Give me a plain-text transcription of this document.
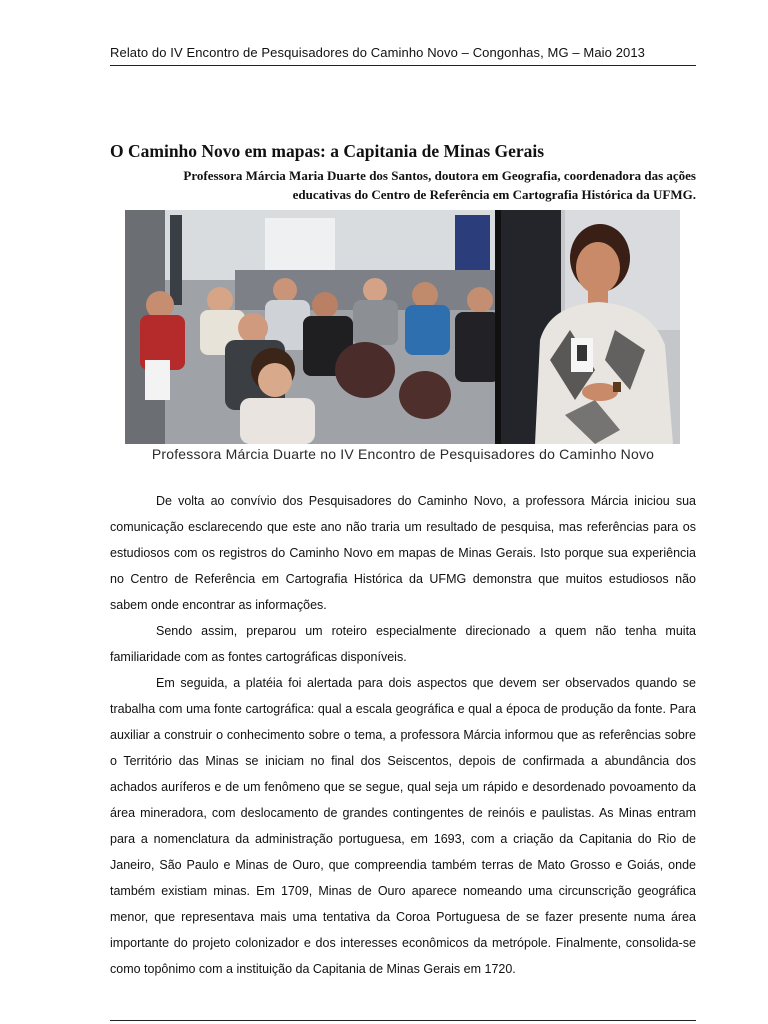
Relato do IV Encontro de Pesquisadores do Caminho Novo – Congonhas, MG – Maio 2013
O Caminho Novo em mapas: a Capitania de Minas Gerais
Professora Márcia Maria Duarte dos Santos, doutora em Geografia, coordenadora das ações
educativas do Centro de Referência em Cartografia Histórica da UFMG.
Professora Márcia Duarte no IV Encontro de Pesquisadores do Caminho Novo

De volta ao convívio dos Pesquisadores do Caminho Novo, a professora Márcia iniciou sua comunicação esclarecendo que este ano não traria um resultado de pesquisa, mas referências para os estudiosos com os registros do Caminho Novo em mapas de Minas Gerais. Isto porque sua experiência no Centro de Referência em Cartografia Histórica da UFMG demonstra que muitos estudiosos não sabem onde encontrar as informações.

Sendo assim, preparou um roteiro especialmente direcionado a quem não tenha muita familiaridade com as fontes cartográficas disponíveis.

Em seguida, a platéia foi alertada para dois aspectos que devem ser observados quando se trabalha com uma fonte cartográfica: qual a escala geográfica e qual a época de produção da fonte. Para auxiliar a construir o conhecimento sobre o tema, a professora Márcia informou que as referências sobre o Território das Minas se iniciam no final dos Seiscentos, depois de confirmada a abundância dos achados auríferos e de um fenômeno que se segue, qual seja um rápido e desordenado povoamento da área mineradora, com deslocamento de grandes contingentes de reinóis e paulistas. As Minas entram para a nomenclatura da administração portuguesa, em 1693, com a criação da Capitania do Rio de Janeiro, São Paulo e Minas de Ouro, que compreendia também terras de Mato Grosso e Goiás, onde também existiam minas. Em 1709, Minas de Ouro aparece nomeando uma circunscrição geográfica menor, que representava mais uma tentativa da Coroa Portuguesa de se fazer presente numa área importante do projeto colonizador e dos interesses econômicos da metrópole. Finalmente, consolida-se como topônimo com a instituição da Capitania de Minas Gerais em 1720.
